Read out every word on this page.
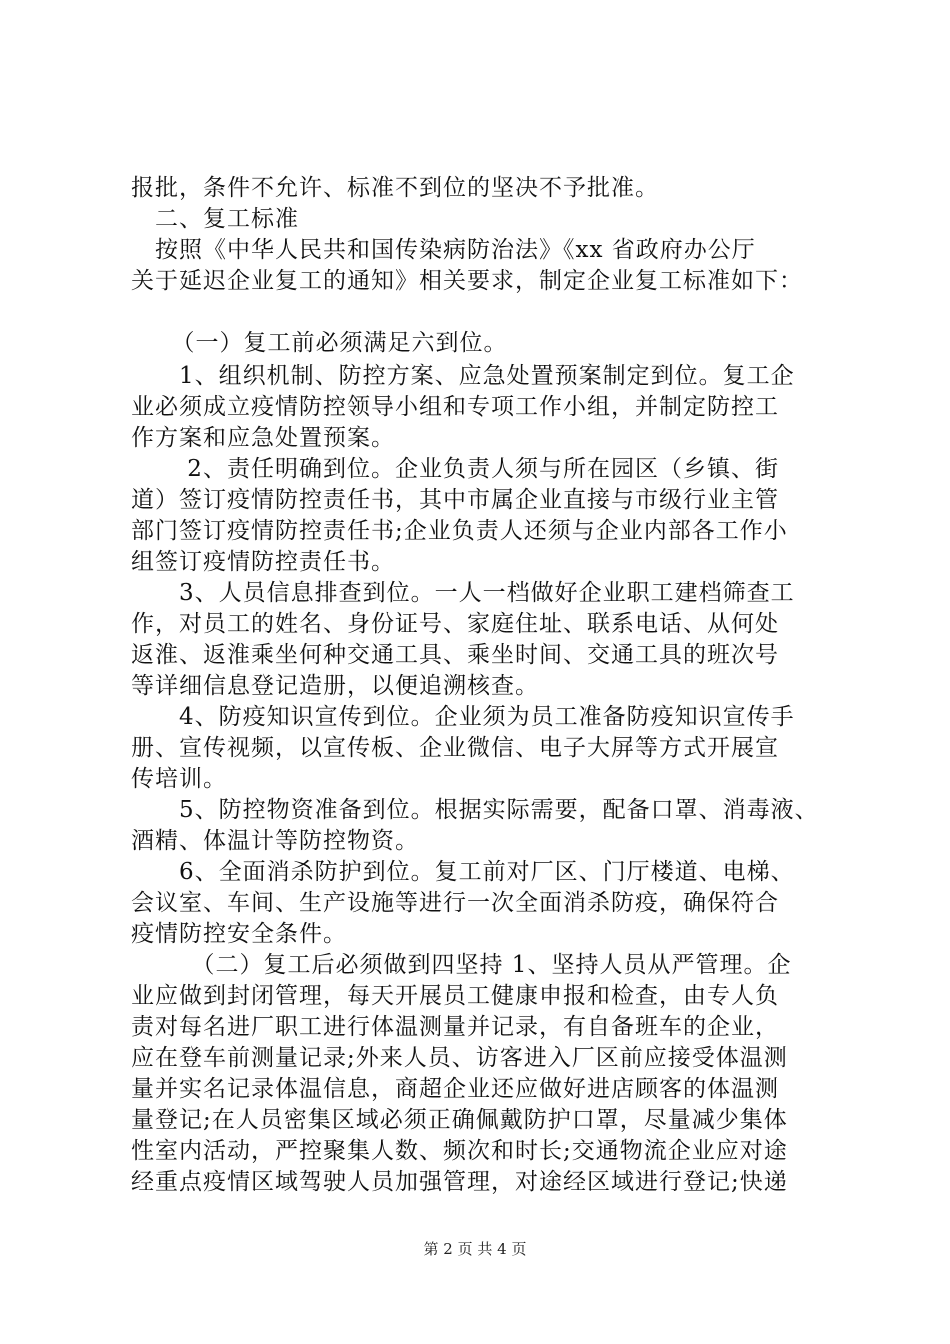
报批，条件不允许、标准不到位的坚决不予批准。
　二、复工标准
　按照《中华人民共和国传染病防治法》《xx 省政府办公厅
关于延迟企业复工的通知》相关要求，制定企业复工标准如下：
　（一）复工前必须满足六到位。
　1、组织机制、防控方案、应急处置预案制定到位。复工企
业必须成立疫情防控领导小组和专项工作小组，并制定防控工
作方案和应急处置预案。
　 2、责任明确到位。企业负责人须与所在园区（乡镇、街
道）签订疫情防控责任书，其中市属企业直接与市级行业主管
部门签订疫情防控责任书;企业负责人还须与企业内部各工作小
组签订疫情防控责任书。
　3、人员信息排查到位。一人一档做好企业职工建档筛查工
作，对员工的姓名、身份证号、家庭住址、联系电话、从何处
返淮、返淮乘坐何种交通工具、乘坐时间、交通工具的班次号
等详细信息登记造册，以便追溯核查。
　4、防疫知识宣传到位。企业须为员工准备防疫知识宣传手
册、宣传视频，以宣传板、企业微信、电子大屏等方式开展宣
传培训。
　5、防控物资准备到位。根据实际需要，配备口罩、消毒液、
酒精、体温计等防控物资。
　6、全面消杀防护到位。复工前对厂区、门厅楼道、电梯、
会议室、车间、生产设施等进行一次全面消杀防疫，确保符合
疫情防控安全条件。
　　（二）复工后必须做到四坚持 1、坚持人员从严管理。企
业应做到封闭管理，每天开展员工健康申报和检查，由专人负
责对每名进厂职工进行体温测量并记录，有自备班车的企业，
应在登车前测量记录;外来人员、访客进入厂区前应接受体温测
量并实名记录体温信息，商超企业还应做好进店顾客的体温测
量登记;在人员密集区域必须正确佩戴防护口罩，尽量减少集体
性室内活动，严控聚集人数、频次和时长;交通物流企业应对途
经重点疫情区域驾驶人员加强管理，对途经区域进行登记;快递
第 2 页 共 4 页
